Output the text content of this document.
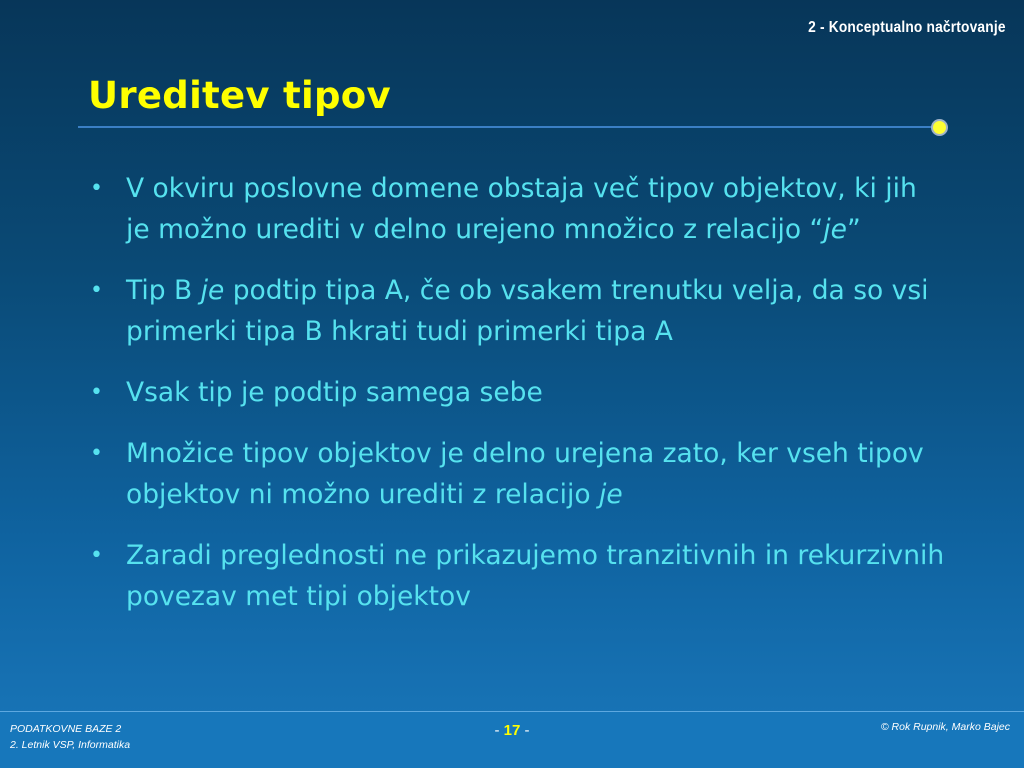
2 - Konceptualno načrtovanje
Ureditev tipov
• V okviru poslovne domene obstaja več tipov objektov, ki jih je možno urediti v delno urejeno množico z relacijo “je”
• Tip B je podtip tipa A, če ob vsakem trenutku velja, da so vsi primerki tipa B hkrati tudi primerki tipa A
• Vsak tip je podtip samega sebe
• Množice tipov objektov je delno urejena zato, ker vseh tipov objektov ni možno urediti z relacijo je
• Zaradi preglednosti ne prikazujemo tranzitivnih in rekurzivnih povezav met tipi objektov
PODATKOVNE BAZE 2
2. Letnik VSP, Informatika
- 17 -	© Rok Rupnik, Marko Bajec
